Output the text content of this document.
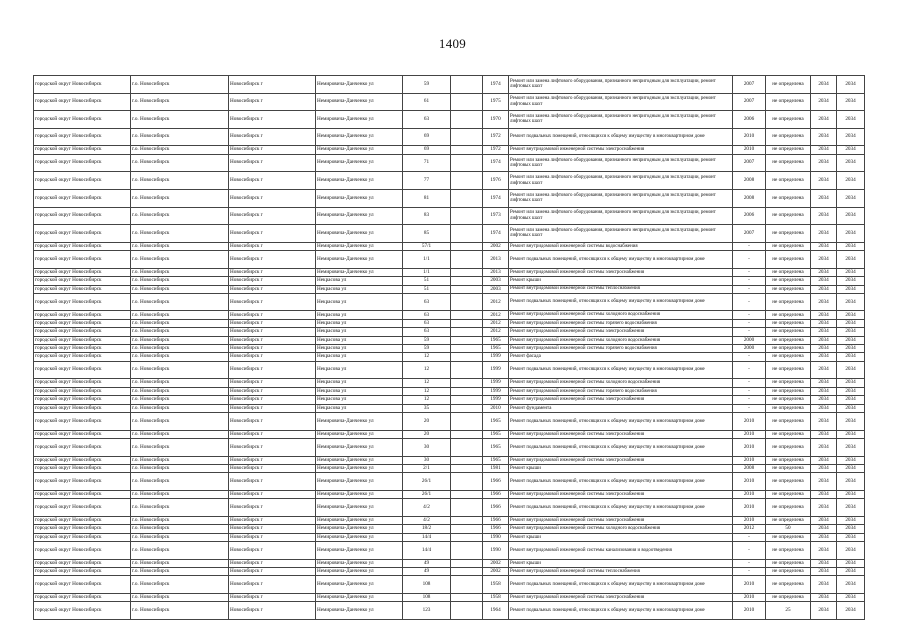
1409
городской округ Новосибирск	г.о. Новосибирск	Новосибирск г	Немировича-Данченко ул	59		1974	Ремонт или замена лифтового оборудования, признанного непригодным для эксплуатации, ремонт лифтовых шахт	2007	не определена	2034	2034
городской округ Новосибирск	г.о. Новосибирск	Новосибирск г	Немировича-Данченко ул	61		1975	Ремонт или замена лифтового оборудования, признанного непригодным для эксплуатации, ремонт лифтовых шахт	2007	не определена	2034	2034
городской округ Новосибирск	г.о. Новосибирск	Новосибирск г	Немировича-Данченко ул	63		1970	Ремонт или замена лифтового оборудования, признанного непригодным для эксплуатации, ремонт лифтовых шахт	2006	не определена	2034	2034
городской округ Новосибирск	г.о. Новосибирск	Новосибирск г	Немировича-Данченко ул	69		1972	Ремонт подвальных помещений, относящихся к общему имуществу в многоквартирном доме	2010	не определена	2034	2034
городской округ Новосибирск	г.о. Новосибирск	Новосибирск г	Немировича-Данченко ул	69		1972	Ремонт внутридомовой инженерной системы электроснабжения	2010	не определена	2034	2034
городской округ Новосибирск	г.о. Новосибирск	Новосибирск г	Немировича-Данченко ул	71		1974	Ремонт или замена лифтового оборудования, признанного непригодным для эксплуатации, ремонт лифтовых шахт	2007	не определена	2034	2034
городской округ Новосибирск	г.о. Новосибирск	Новосибирск г	Немировича-Данченко ул	77		1976	Ремонт или замена лифтового оборудования, признанного непригодным для эксплуатации, ремонт лифтовых шахт	2008	не определена	2034	2034
городской округ Новосибирск	г.о. Новосибирск	Новосибирск г	Немировича-Данченко ул	81		1974	Ремонт или замена лифтового оборудования, признанного непригодным для эксплуатации, ремонт лифтовых шахт	2008	не определена	2034	2034
городской округ Новосибирск	г.о. Новосибирск	Новосибирск г	Немировича-Данченко ул	83		1973	Ремонт или замена лифтового оборудования, признанного непригодным для эксплуатации, ремонт лифтовых шахт	2006	не определена	2034	2034
городской округ Новосибирск	г.о. Новосибирск	Новосибирск г	Немировича-Данченко ул	85		1974	Ремонт или замена лифтового оборудования, признанного непригодным для эксплуатации, ремонт лифтовых шахт	2007	не определена	2034	2034
городской округ Новосибирск	г.о. Новосибирск	Новосибирск г	Немировича-Данченко ул	57/1		2002	Ремонт внутридомовой инженерной системы водоснабжения	-	не определена	2034	2034
городской округ Новосибирск	г.о. Новосибирск	Новосибирск г	Немировича-Данченко ул	1/1		2013	Ремонт подвальных помещений, относящихся к общему имуществу в многоквартирном доме	-	не определена	2034	2034
городской округ Новосибирск	г.о. Новосибирск	Новосибирск г	Немировича-Данченко ул	1/1		2013	Ремонт внутридомовой инженерной системы электроснабжения	-	не определена	2034	2034
городской округ Новосибирск	г.о. Новосибирск	Новосибирск г	Некрасова ул	51		2003	Ремонт крыши	-	не определена	2034	2034
городской округ Новосибирск	г.о. Новосибирск	Новосибирск г	Некрасова ул	51		2003	Ремонт внутридомовой инженерной системы теплоснабжения	-	не определена	2034	2034
городской округ Новосибирск	г.о. Новосибирск	Новосибирск г	Некрасова ул	63		2012	Ремонт подвальных помещений, относящихся к общему имуществу в многоквартирном доме	-	не определена	2034	2034
городской округ Новосибирск	г.о. Новосибирск	Новосибирск г	Некрасова ул	63		2012	Ремонт внутридомовой инженерной системы холодного водоснабжения	-	не определена	2034	2034
городской округ Новосибирск	г.о. Новосибирск	Новосибирск г	Некрасова ул	63		2012	Ремонт внутридомовой инженерной системы горячего водоснабжения	-	не определена	2034	2034
городской округ Новосибирск	г.о. Новосибирск	Новосибирск г	Некрасова ул	63		2012	Ремонт внутридомовой инженерной системы электроснабжения	-	не определена	2034	2034
городской округ Новосибирск	г.о. Новосибирск	Новосибирск г	Некрасова ул	59		1965	Ремонт внутридомовой инженерной системы холодного водоснабжения	2000	не определена	2034	2034
городской округ Новосибирск	г.о. Новосибирск	Новосибирск г	Некрасова ул	59		1965	Ремонт внутридомовой инженерной системы горячего водоснабжения	2000	не определена	2034	2034
городской округ Новосибирск	г.о. Новосибирск	Новосибирск г	Некрасова ул	12		1999	Ремонт фасада	-	не определена	2034	2034
городской округ Новосибирск	г.о. Новосибирск	Новосибирск г	Некрасова ул	12		1999	Ремонт подвальных помещений, относящихся к общему имуществу в многоквартирном доме	-	не определена	2034	2034
городской округ Новосибирск	г.о. Новосибирск	Новосибирск г	Некрасова ул	12		1999	Ремонт внутридомовой инженерной системы холодного водоснабжения	-	не определена	2034	2034
городской округ Новосибирск	г.о. Новосибирск	Новосибирск г	Некрасова ул	12		1999	Ремонт внутридомовой инженерной системы горячего водоснабжения	-	не определена	2034	2034
городской округ Новосибирск	г.о. Новосибирск	Новосибирск г	Некрасова ул	12		1999	Ремонт внутридомовой инженерной системы электроснабжения	-	не определена	2034	2034
городской округ Новосибирск	г.о. Новосибирск	Новосибирск г	Некрасова ул	35		2010	Ремонт фундамента	-	не определена	2034	2034
городской округ Новосибирск	г.о. Новосибирск	Новосибирск г	Немировича-Данченко ул	20		1965	Ремонт подвальных помещений, относящихся к общему имуществу в многоквартирном доме	2010	не определена	2034	2034
городской округ Новосибирск	г.о. Новосибирск	Новосибирск г	Немировича-Данченко ул	20		1965	Ремонт внутридомовой инженерной системы электроснабжения	2010	не определена	2034	2034
городской округ Новосибирск	г.о. Новосибирск	Новосибирск г	Немировича-Данченко ул	30		1965	Ремонт подвальных помещений, относящихся к общему имуществу в многоквартирном доме	2010	не определена	2034	2034
городской округ Новосибирск	г.о. Новосибирск	Новосибирск г	Немировича-Данченко ул	30		1965	Ремонт внутридомовой инженерной системы электроснабжения	2010	не определена	2034	2034
городской округ Новосибирск	г.о. Новосибирск	Новосибирск г	Немировича-Данченко ул	2/1		1981	Ремонт крыши	2008	не определена	2034	2034
городской округ Новосибирск	г.о. Новосибирск	Новосибирск г	Немировича-Данченко ул	26/1		1966	Ремонт подвальных помещений, относящихся к общему имуществу в многоквартирном доме	2010	не определена	2034	2034
городской округ Новосибирск	г.о. Новосибирск	Новосибирск г	Немировича-Данченко ул	26/1		1966	Ремонт внутридомовой инженерной системы электроснабжения	2010	не определена	2034	2034
городской округ Новосибирск	г.о. Новосибирск	Новосибирск г	Немировича-Данченко ул	4/2		1966	Ремонт подвальных помещений, относящихся к общему имуществу в многоквартирном доме	2010	не определена	2034	2034
городской округ Новосибирск	г.о. Новосибирск	Новосибирск г	Немировича-Данченко ул	4/2		1966	Ремонт внутридомовой инженерной системы электроснабжения	2010	не определена	2034	2034
городской округ Новосибирск	г.о. Новосибирск	Новосибирск г	Немировича-Данченко ул	18/2		1966	Ремонт внутридомовой инженерной системы холодного водоснабжения	2012	50	2034	2034
городской округ Новосибирск	г.о. Новосибирск	Новосибирск г	Немировича-Данченко ул	14/4		1990	Ремонт крыши	-	не определена	2034	2034
городской округ Новосибирск	г.о. Новосибирск	Новосибирск г	Немировича-Данченко ул	14/4		1990	Ремонт внутридомовой инженерной системы канализования и водоотведения	-	не определена	2034	2034
городской округ Новосибирск	г.о. Новосибирск	Новосибирск г	Немировича-Данченко ул	49		2002	Ремонт крыши	-	не определена	2034	2034
городской округ Новосибирск	г.о. Новосибирск	Новосибирск г	Немировича-Данченко ул	49		2002	Ремонт внутридомовой инженерной системы теплоснабжения	-	не определена	2034	2034
городской округ Новосибирск	г.о. Новосибирск	Новосибирск г	Немировича-Данченко ул	108		1958	Ремонт подвальных помещений, относящихся к общему имуществу в многоквартирном доме	2010	не определена	2034	2034
городской округ Новосибирск	г.о. Новосибирск	Новосибирск г	Немировича-Данченко ул	108		1958	Ремонт внутридомовой инженерной системы электроснабжения	2010	не определена	2034	2034
городской округ Новосибирск	г.о. Новосибирск	Новосибирск г	Немировича-Данченко ул	123		1964	Ремонт подвальных помещений, относящихся к общему имуществу в многоквартирном доме	2010	25	2034	2034
